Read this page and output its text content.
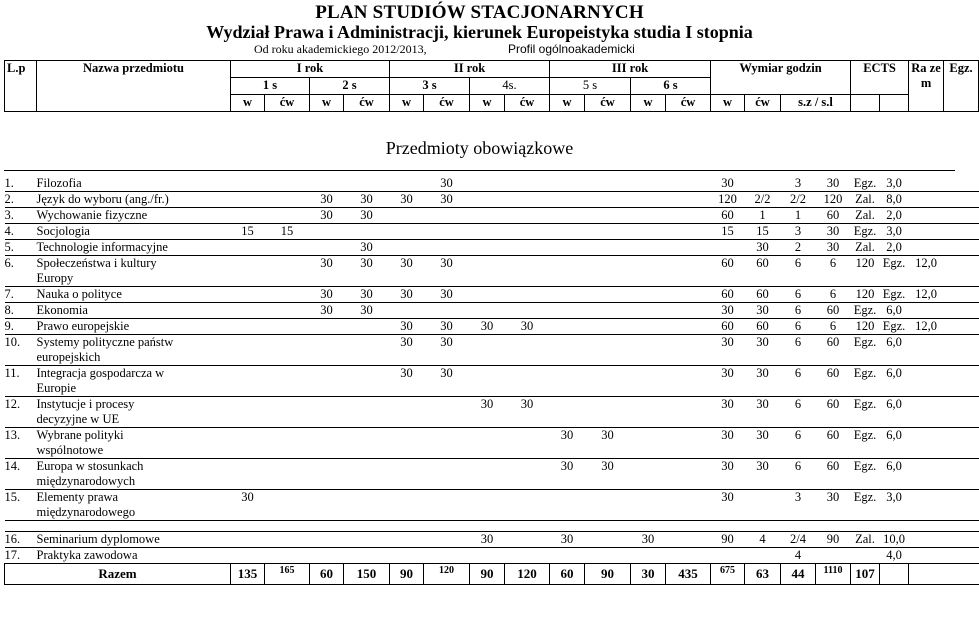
PLAN STUDIÓW STACJONARNYCH
Wydział Prawa i Administracji, kierunek Europeistyka studia I stopnia
Od roku akademickiego 2012/2013,	Profil ogólnoakademicki
L.p	Nazwa przedmiotu	I rok				II rok				III rok				Wymiar godzin			ECTS		Ra ze m	Egz.	
		1 s		2 s		3 s		4s.		5 s		6 s									
		w	ćw	w	ćw	w	ćw	w	ćw	w	ćw	w	ćw	w	ćw	s.z / s.l					
Przedmioty obowiązkowe
1.	Filozofia						30							30		3	30	Egz.	3,0		
2.	Język do wyboru (ang./fr.)			30	30	30	30							120	2/2	2/2	120	Zal.	8,0		
3.	Wychowanie fizyczne			30	30									60	1	1	60	Zal.	2,0		
4.	Socjologia	15	15											15	15	3	30	Egz.	3,0		
5.	Technologie informacyjne				30										30	2	30	Zal.	2,0		
6.	Społeczeństwa i kultury
Europy			30	30	30	30							60	60	6	6	120	Egz.	12,0	
7.	Nauka o polityce			30	30	30	30							60	60	6	6	120	Egz.	12,0	
8.	Ekonomia			30	30									30	30	6	60	Egz.	6,0		
9.	Prawo europejskie					30	30	30	30					60	60	6	6	120	Egz.	12,0	
10.	Systemy polityczne państw
europejskich					30	30							30	30	6	60	Egz.	6,0		
11.	Integracja gospodarcza w
Europie					30	30							30	30	6	60	Egz.	6,0		
12.	Instytucje i procesy
decyzyjne w UE							30	30					30	30	6	60	Egz.	6,0		
13.	Wybrane polityki
wspólnotowe									30	30			30	30	6	60	Egz.	6,0		
14.	Europa w stosunkach
międzynarodowych									30	30			30	30	6	60	Egz.	6,0		
15.	Elementy prawa
międzynarodowego	30												30		3	30	Egz.	3,0		

16.	Seminarium dyplomowe							30		30		30		90	4	2/4	90	Zal.	10,0		
17.	Praktyka zawodowa															4			4,0		
Razem		135	165	60	150	90	120	90	120	60	90	30	435	675	63	44	1110	107			
